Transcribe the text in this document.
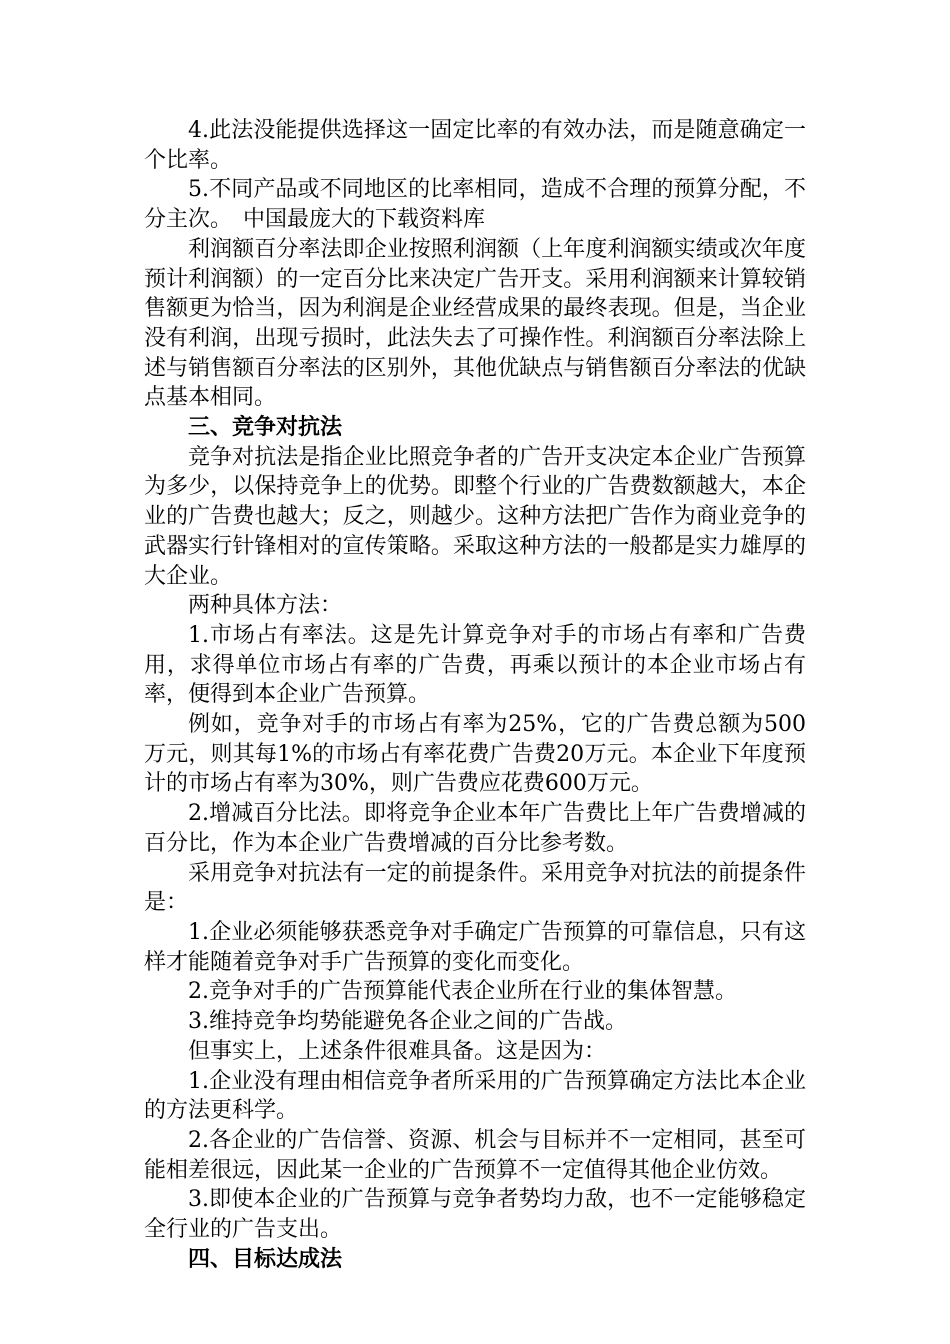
4.此法没能提供选择这一固定比率的有效办法，而是随意确定一个比率。

5.不同产品或不同地区的比率相同，造成不合理的预算分配，不分主次。　中国最庞大的下载资料库

利润额百分率法即企业按照利润额（上年度利润额实绩或次年度预计利润额）的一定百分比来决定广告开支。采用利润额来计算较销售额更为恰当，因为利润是企业经营成果的最终表现。但是，当企业没有利润，出现亏损时，此法失去了可操作性。利润额百分率法除上述与销售额百分率法的区别外，其他优缺点与销售额百分率法的优缺点基本相同。

三、竞争对抗法

竞争对抗法是指企业比照竞争者的广告开支决定本企业广告预算为多少，以保持竞争上的优势。即整个行业的广告费数额越大，本企业的广告费也越大；反之，则越少。这种方法把广告作为商业竞争的武器实行针锋相对的宣传策略。采取这种方法的一般都是实力雄厚的大企业。

两种具体方法：

1.市场占有率法。这是先计算竞争对手的市场占有率和广告费用，求得单位市场占有率的广告费，再乘以预计的本企业市场占有率，便得到本企业广告预算。

例如，竞争对手的市场占有率为25%，它的广告费总额为500万元，则其每1%的市场占有率花费广告费20万元。本企业下年度预计的市场占有率为30%，则广告费应花费600万元。

2.增减百分比法。即将竞争企业本年广告费比上年广告费增减的百分比，作为本企业广告费增减的百分比参考数。

采用竞争对抗法有一定的前提条件。采用竞争对抗法的前提条件是：

1.企业必须能够获悉竞争对手确定广告预算的可靠信息，只有这样才能随着竞争对手广告预算的变化而变化。

2.竞争对手的广告预算能代表企业所在行业的集体智慧。

3.维持竞争均势能避免各企业之间的广告战。

但事实上，上述条件很难具备。这是因为：

1.企业没有理由相信竞争者所采用的广告预算确定方法比本企业的方法更科学。

2.各企业的广告信誉、资源、机会与目标并不一定相同，甚至可能相差很远，因此某一企业的广告预算不一定值得其他企业仿效。

3.即使本企业的广告预算与竞争者势均力敌，也不一定能够稳定全行业的广告支出。

四、目标达成法
